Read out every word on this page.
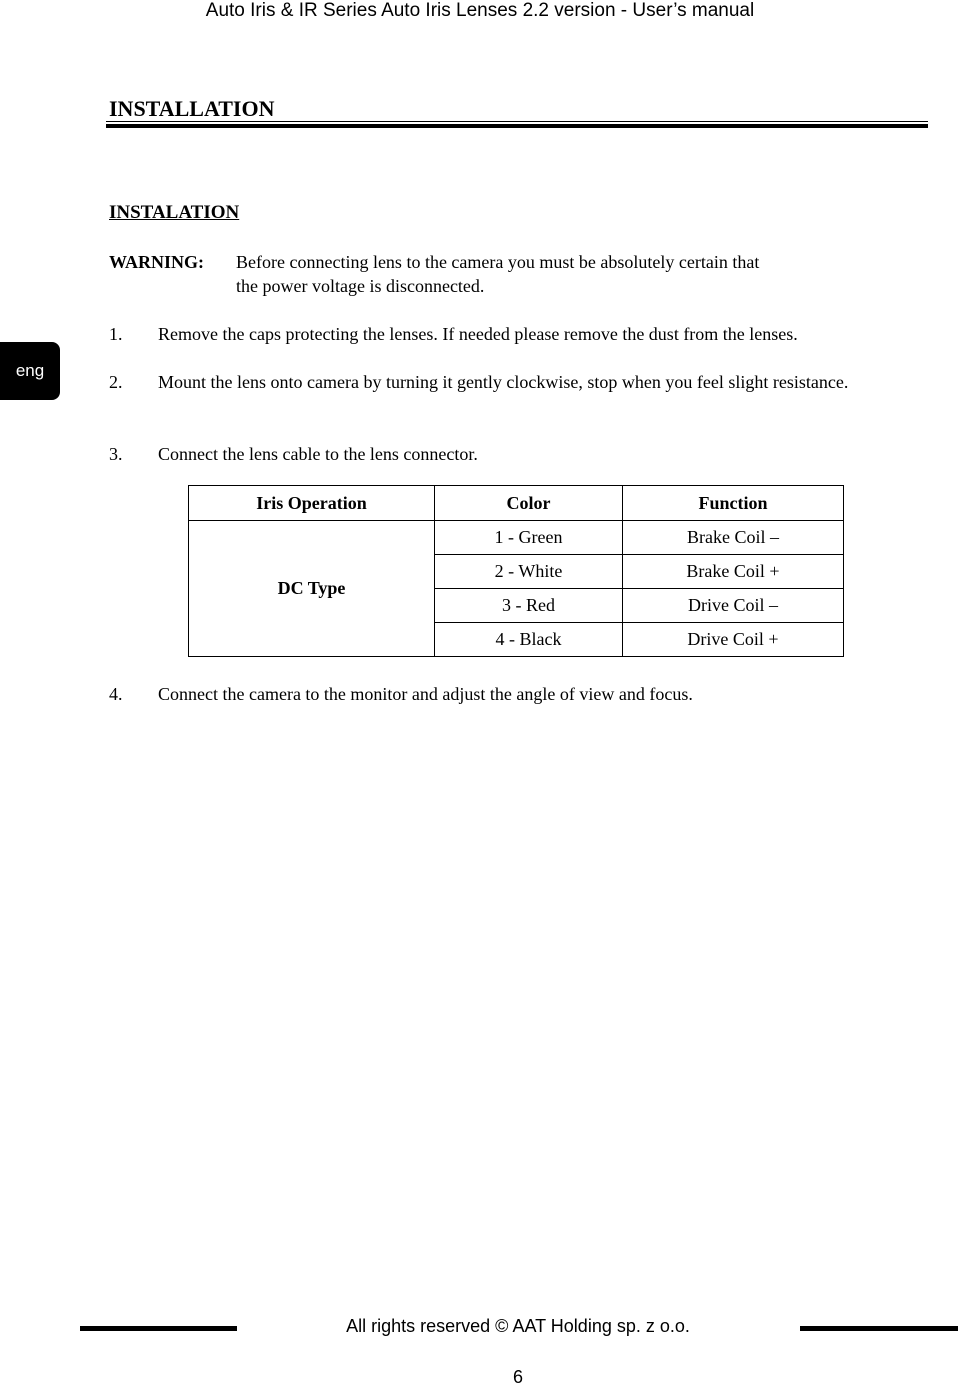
Auto Iris & IR Series Auto Iris Lenses 2.2 version - User’s manual
INSTALLATION
eng
INSTALATION
WARNING: Before connecting lens to the camera you must be absolutely certain that
the power voltage is disconnected.
1. Remove the caps protecting the lenses. If needed please remove the dust from the lenses.
2. Mount the lens onto camera by turning it gently clockwise, stop when you feel slight resistance.
3. Connect the lens cable to the lens connector.
Iris Operation	Color	Function
DC Type	1 - Green	Brake Coil –
	2 - White	Brake Coil +
	3 - Red	Drive Coil –
	4 - Black	Drive Coil +
4. Connect the camera to the monitor and adjust the angle of view and focus.
All rights reserved © AAT Holding sp. z o.o.
6
